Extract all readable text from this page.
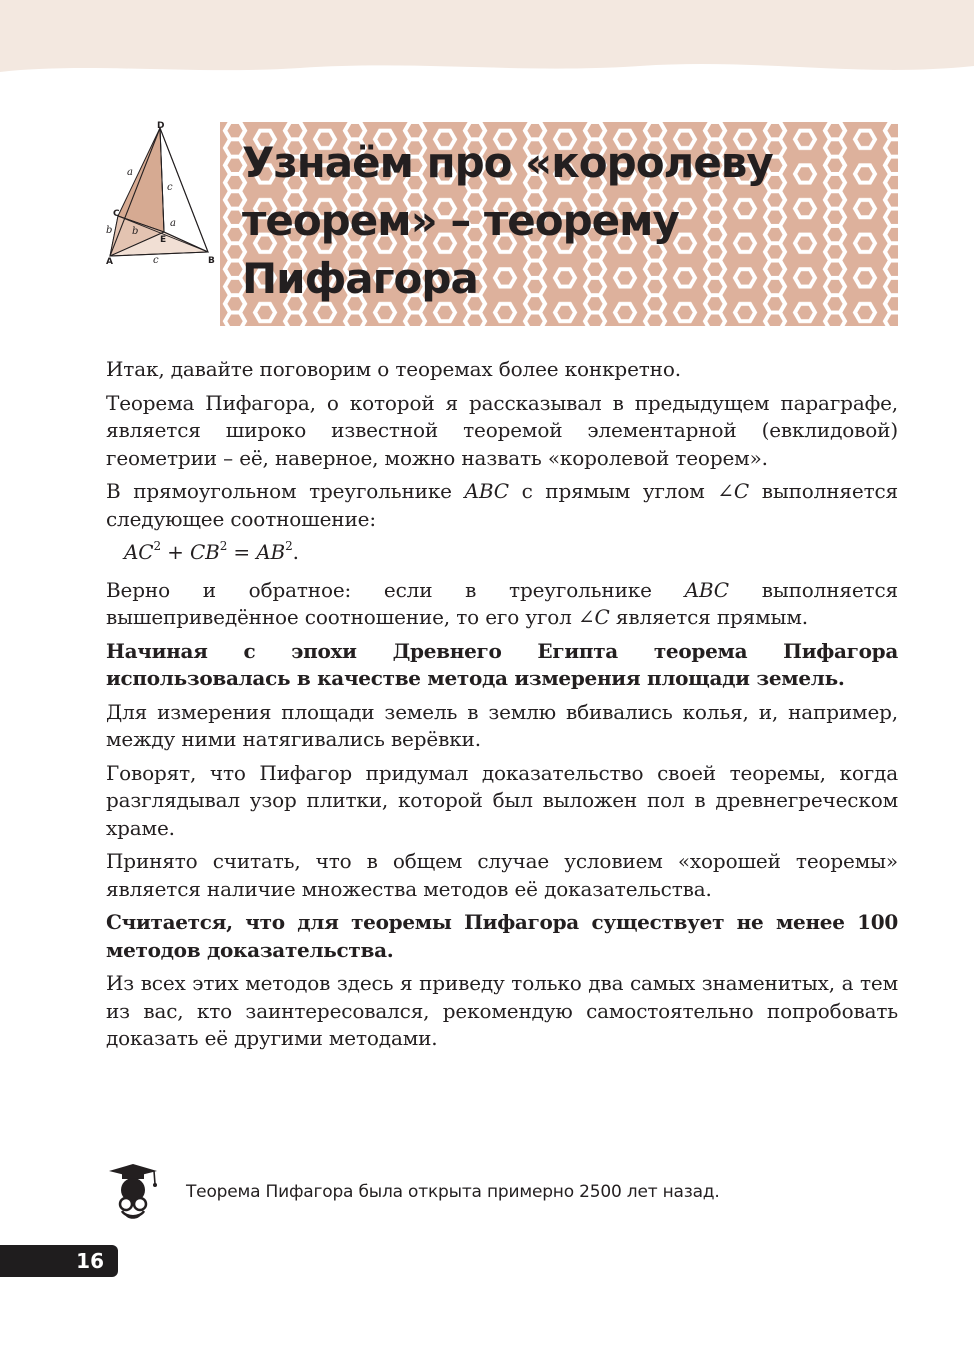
D
C
E
A	B
a
a
b b
c
c
Узнаём про «королеву
теорем» – теорему
Пифагора

Итак, давайте поговорим о теоремах более конкретно.

Теорема Пифагора, о которой я рассказывал в предыдущем параграфе, является широко известной теоремой элементарной (евклидовой) геометрии – её, наверное, можно назвать «королевой теорем».

В прямоугольном треугольнике ABC с прямым углом ∠C выполняется следующее соотношение:

$AC^2 + CB^2 = AB^2$.

Верно и обратное: если в треугольнике ABC выполняется вышеприведённое соотношение, то его угол ∠C является прямым.

Начиная с эпохи Древнего Египта теорема Пифагора использовалась в качестве метода измерения площади земель.

Для измерения площади земель в землю вбивались колья, и, например, между ними натягивались верёвки.

Говорят, что Пифагор придумал доказательство своей теоремы, когда разглядывал узор плитки, которой был выложен пол в древнегреческом храме.

Принято считать, что в общем случае условием «хорошей теоремы» является наличие множества методов её доказательства.

Считается, что для теоремы Пифагора существует не менее 100 методов доказательства.

Из всех этих методов здесь я приведу только два самых знаменитых, а тем из вас, кто заинтересовался, рекомендую самостоятельно попробовать доказать её другими методами.

Теорема Пифагора была открыта примерно 2500 лет назад.

16
